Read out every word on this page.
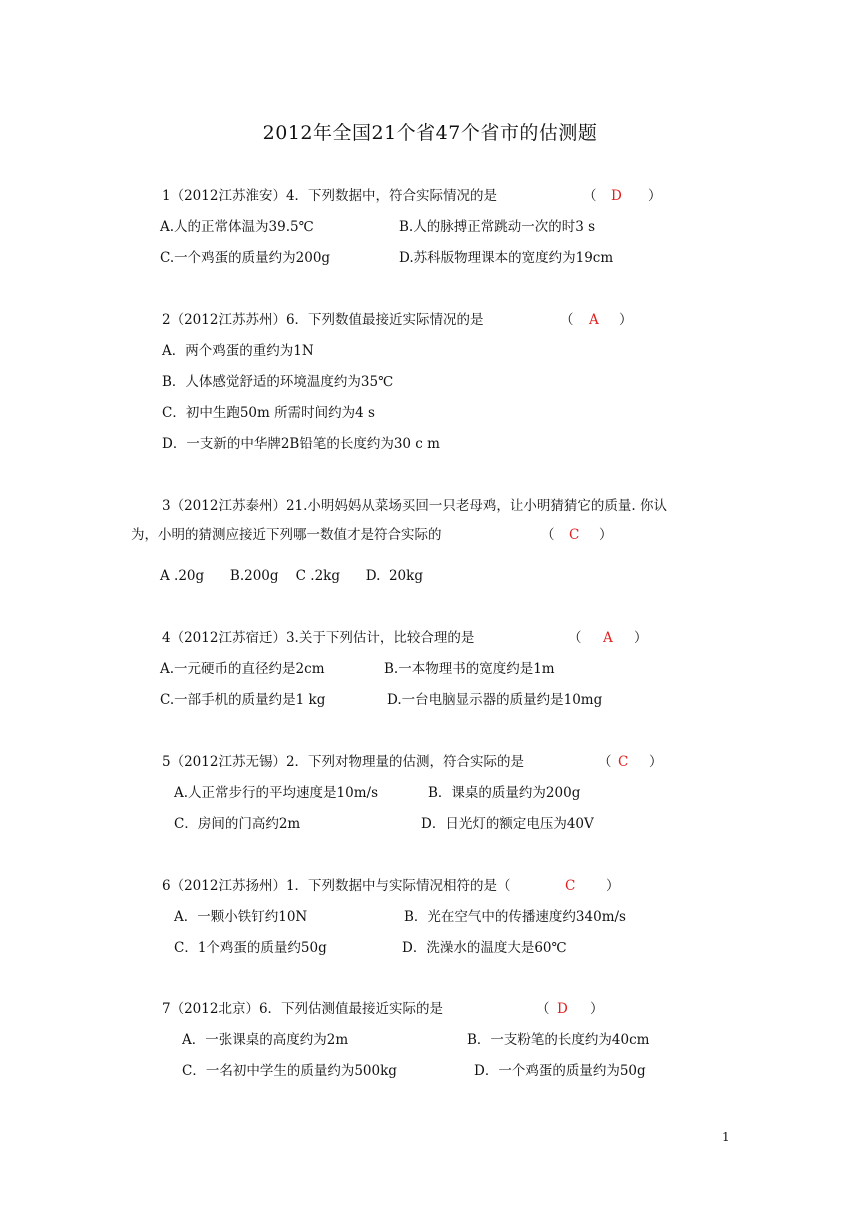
2012年全国21个省47个省市的估测题
1（2012江苏淮安）4．下列数据中，符合实际情况的是	（ D ）
A.人的正常体温为39.5℃	B.人的脉搏正常跳动一次的时3 s
C.一个鸡蛋的质量约为200g	D.苏科版物理课本的宽度约为19cm
2（2012江苏苏州）6．下列数值最接近实际情况的是	（ A ）
A．两个鸡蛋的重约为1N
B．人体感觉舒适的环境温度约为35℃
C．初中生跑50m 所需时间约为4 s
D．一支新的中华牌2B铅笔的长度约为30 c m
3（2012江苏泰州）21.小明妈妈从菜场买回一只老母鸡，让小明猜猜它的质量. 你认
为，小明的猜测应接近下列哪一数值才是符合实际的	（ C ）
A .20g      B.200g    C .2kg      D.  20kg
4（2012江苏宿迁）3.关于下列估计，比较合理的是	（ A ）
A.一元硬币的直径约是2cm	B.一本物理书的宽度约是1m
C.一部手机的质量约是1 kg	D.一台电脑显示器的质量约是10mg
5（2012江苏无锡）2．下列对物理量的估测，符合实际的是	（ C ）
A.人正常步行的平均速度是10m/s	B．课桌的质量约为200g
C．房间的门高约2m	D．日光灯的额定电压为40V
6（2012江苏扬州）1．下列数据中与实际情况相符的是（	C ）
A．一颗小铁钉约10N	B．光在空气中的传播速度约340m/s
C．1个鸡蛋的质量约50g	D．洗澡水的温度大是60℃
7（2012北京）6．下列估测值最接近实际的是	（ D ）
A．一张课桌的高度约为2m	B．一支粉笔的长度约为40cm
C．一名初中学生的质量约为500kg	D．一个鸡蛋的质量约为50g
1
